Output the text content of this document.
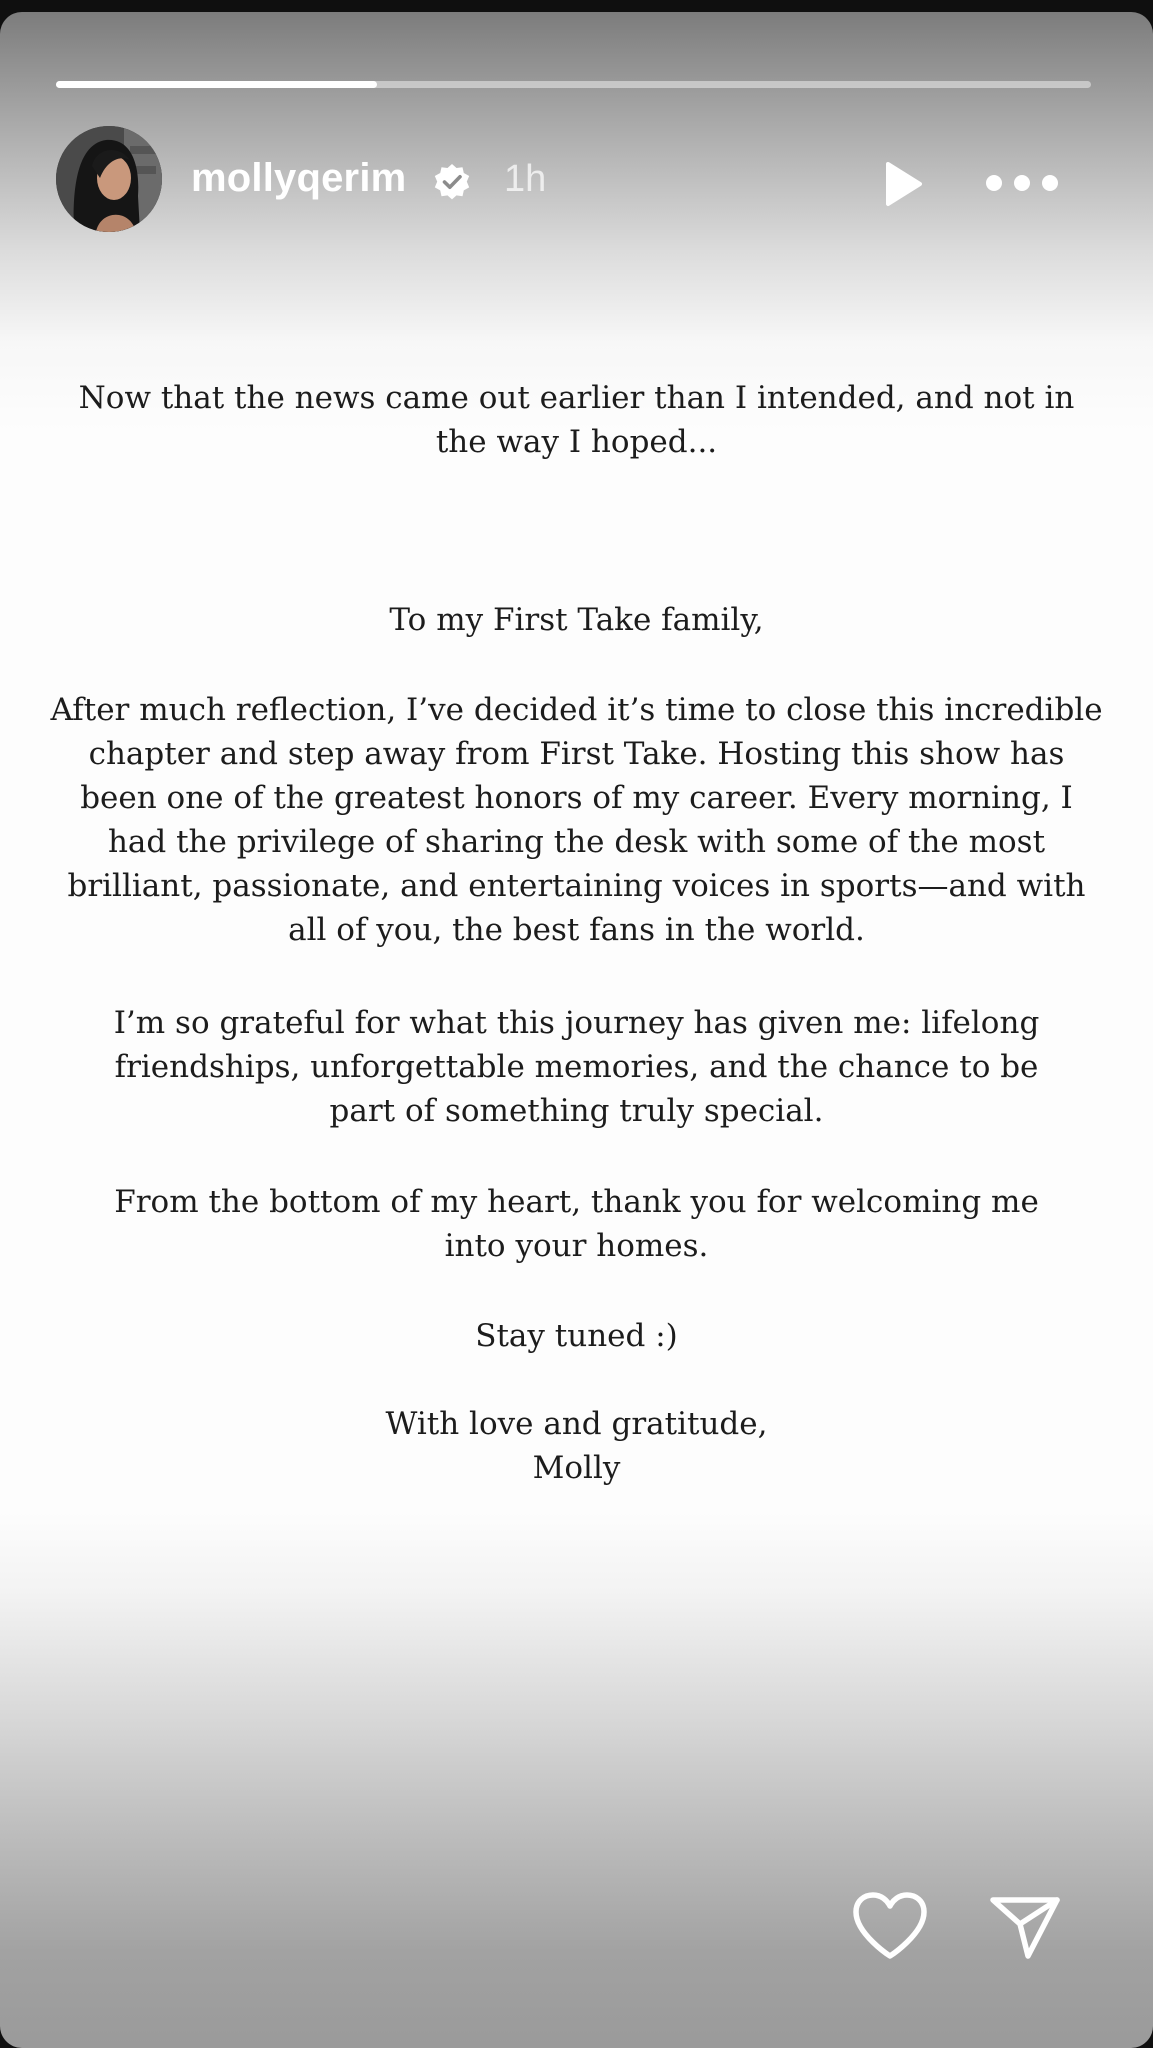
mollyqerim	1h

Now that the news came out earlier than I intended, and not in the way I hoped...

To my First Take family,

After much reflection, I’ve decided it’s time to close this incredible chapter and step away from First Take. Hosting this show has been one of the greatest honors of my career. Every morning, I had the privilege of sharing the desk with some of the most brilliant, passionate, and entertaining voices in sports—and with all of you, the best fans in the world.

I’m so grateful for what this journey has given me: lifelong friendships, unforgettable memories, and the chance to be part of something truly special.

From the bottom of my heart, thank you for welcoming me into your homes.

Stay tuned :)

With love and gratitude,

Molly
